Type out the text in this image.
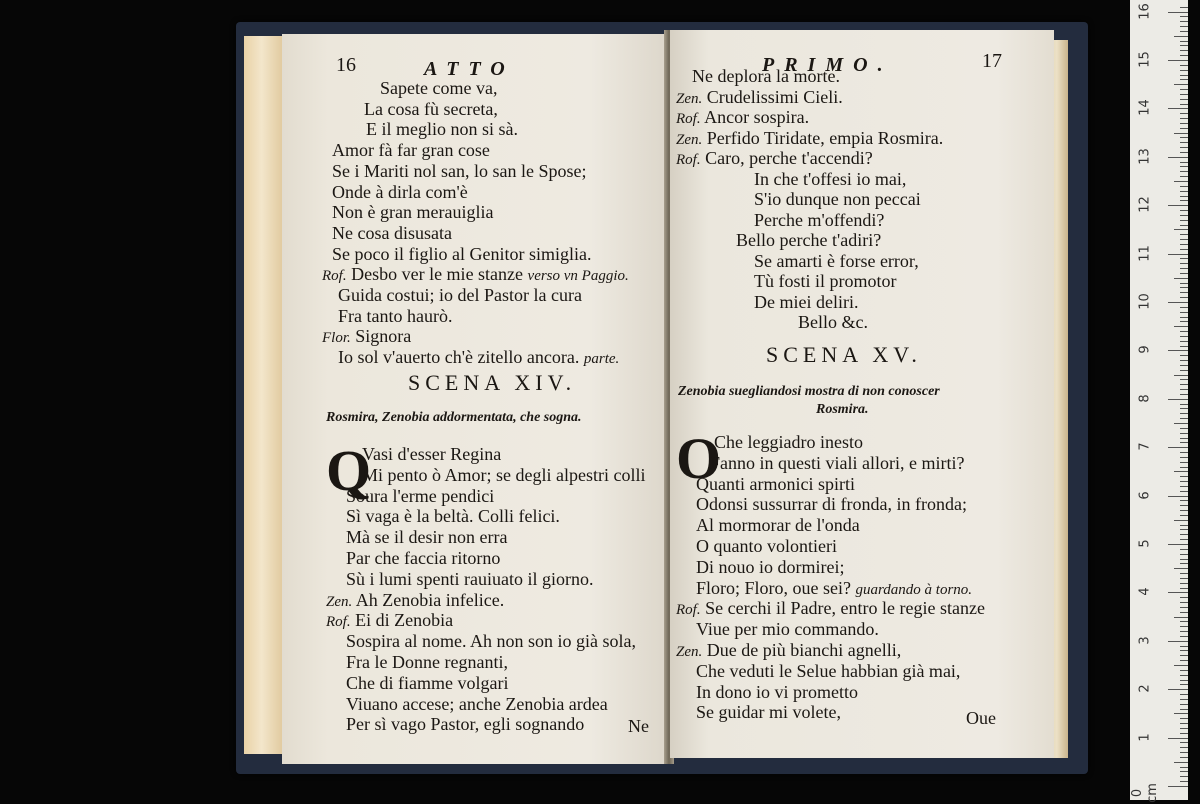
16	ATTO
Sapete come va,
La cosa fù secreta,
E il meglio non si sà.
Amor fà far gran cose
Se i Mariti nol san, lo san le Spose;
Onde à dirla com'è
Non è gran merauiglia
Ne cosa disusata
Se poco il figlio al Genitor simiglia.
Rof. Desbo ver le mie stanze verso vn Paggio.
Guida costui; io del Pastor la cura
Fra tanto haurò.
Flor. Signora
Io sol v'auerto ch'è zitello ancora. parte.
SCENA XIV.
Rosmira, Zenobia addormentata, che sogna.
Q
Vasi d'esser Regina
Mi pento ò Amor; se degli alpestri colli
Soura l'erme pendici
Sì vaga è la beltà. Colli felici.
Mà se il desir non erra
Par che faccia ritorno
Sù i lumi spenti rauiuato il giorno.
Zen. Ah Zenobia infelice.
Rof. Ei di Zenobia
Sospira al nome. Ah non son io già sola,
Fra le Donne regnanti,
Che di fiamme volgari
Viuano accese; anche Zenobia ardea
Per sì vago Pastor, egli sognando Ne
PRIMO.	17
Ne deplora la morte.
Zen. Crudelissimi Cieli.
Rof. Ancor sospira.
Zen. Perfido Tiridate, empia Rosmira.
Rof. Caro, perche t'accendi?
In che t'offesi io mai,
S'io dunque non peccai
Perche m'offendi?
Bello perche t'adiri?
Se amarti è forse error,
Tù fosti il promotor
De miei deliri.
Bello &c.
SCENA XV.
Zenobia suegliandosi mostra di non conoscer
Rosmira.
O
Che leggiadro inesto
Fanno in questi viali allori, e mirti?
Quanti armonici spirti
Odonsi sussurrar di fronda, in fronda;
Al mormorar de l'onda
O quanto volontieri
Di nouo io dormirei;
Floro; Floro, oue sei? guardando à torno.
Rof. Se cerchi il Padre, entro le regie stanze
Viue per mio commando.
Zen. Due de più bianchi agnelli,
Che veduti le Selue habbian già mai,
In dono io vi prometto
Se guidar mi volete,	Oue
0 cm
1
2
3
4
5
6
7
8
9
10
11
12
13
14
15
16
